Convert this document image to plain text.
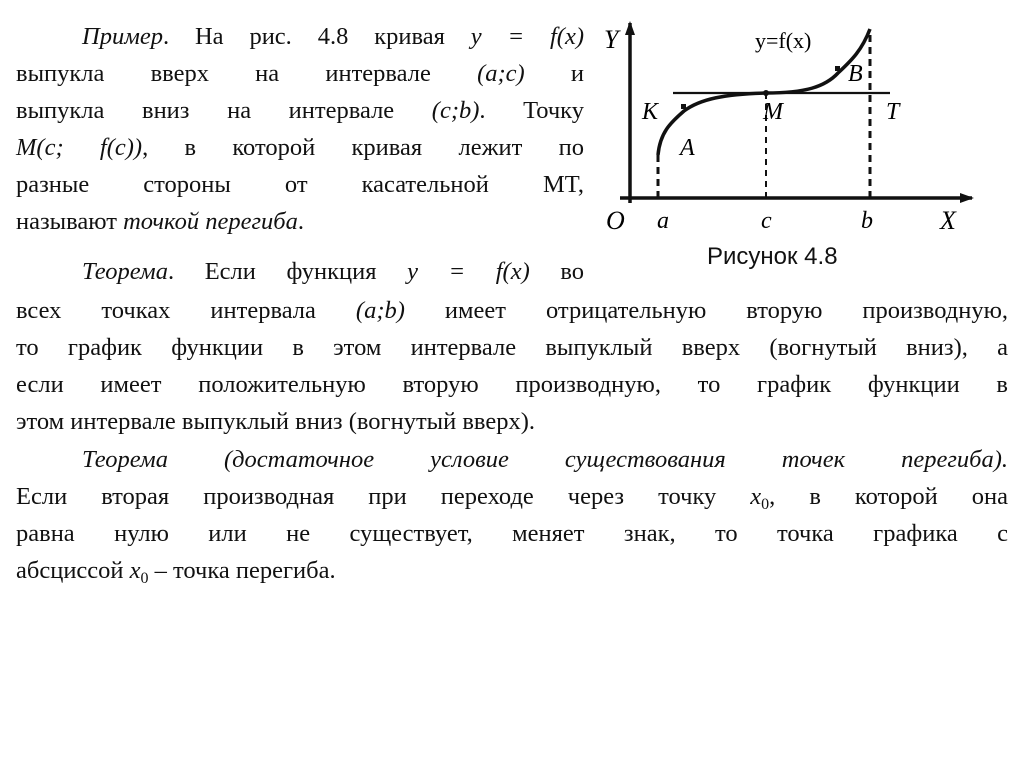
Пример. На рис. 4.8 кривая y = f(x)
выпукла вверх на интервале (a;c) и
выпукла вниз на интервале (c;b). Точку
M(c; f(c)), в которой кривая лежит по
разные стороны от касательной MT,
называют точкой перегиба.
Теорема. Если функция y = f(x) во
всех точках интервала (a;b) имеет отрицательную вторую производную,
то график функции в этом интервале выпуклый вверх (вогнутый вниз), а
если имеет положительную вторую производную, то график функции в
этом интервале выпуклый вниз (вогнутый вверх).
Теорема (достаточное условие существования точек перегиба).
Если вторая производная при переходе через точку $x_0$, в которой она
равна нулю или не существует, меняет знак, то точка графика с
абсциссой $x_0$ – точка перегиба.
Y
X
O a	c	b
K	M	T
A
B
y=f(x)
Рисунок 4.8
